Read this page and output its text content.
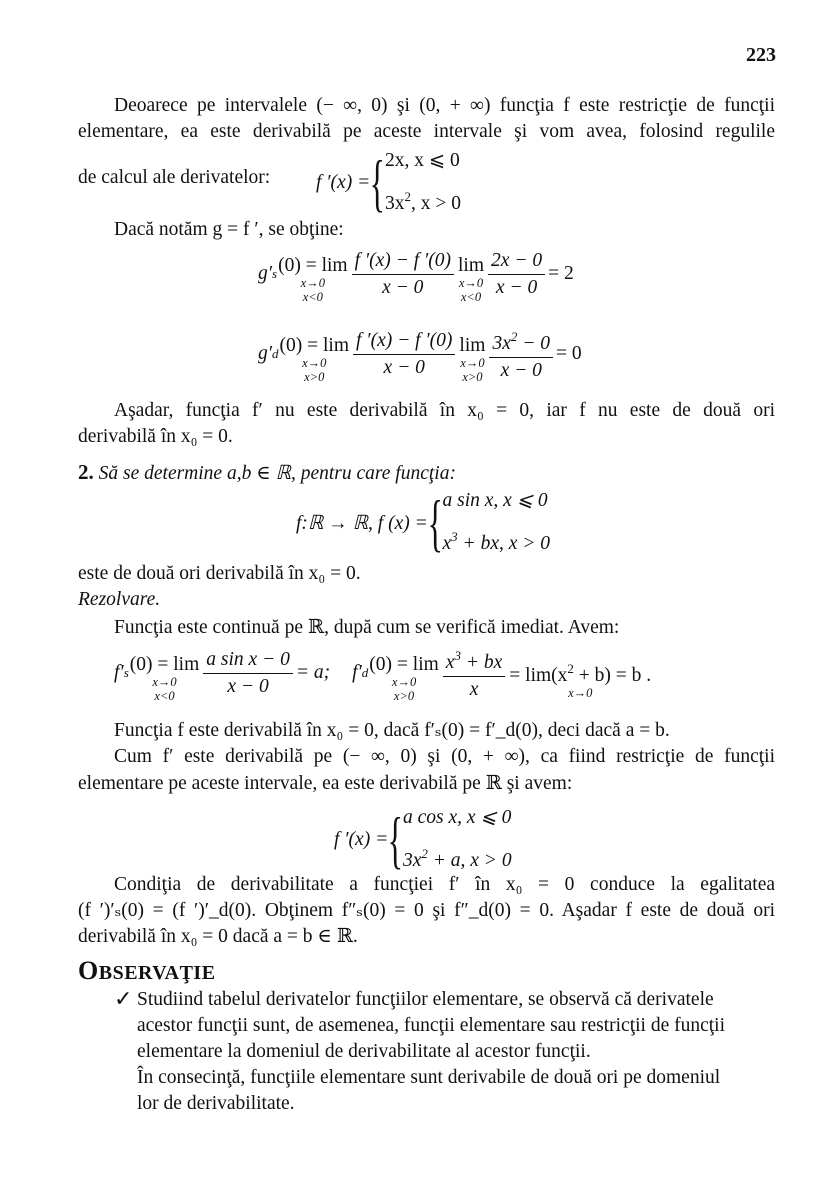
223
Deoarece pe intervalele (− ∞, 0) şi (0, + ∞) funcţia f este restricţie de funcţii
elementare, ea este derivabilă pe aceste intervale şi vom avea, folosind regulile
de calcul ale derivatelor:	f ′(x) = { 2x, x ⩽ 0
$3x^2$, x > 0
Dacă notăm g = f ′, se obţine:
g′ s (0) = lim
x→0
$x<0 \frac{f '(x) - f '(0)}{x - 0}$ lim
x→0
$x<0 \frac{2x - 0}{x - 0} = 2$
g′ d (0) = lim
x→0
$x>0 \frac{f '(x) - f '(0)}{x - 0}$ lim
x→0
$x>0 \frac{3x^2 - 0}{x - 0} = 0$
Aşadar, funcţia f′ nu este derivabilă în x₀ = 0, iar f nu este de două ori
derivabilă în x₀ = 0.
2. Să se determine a,b ∈ ℝ, pentru care funcţia:
f:ℝ → ℝ, f (x) = { a sin x, x ⩽ 0
$x^3$ + bx, x > 0
este de două ori derivabilă în x₀ = 0.
Rezolvare.
Funcţia este continuă pe ℝ, după cum se verifică imediat. Avem:
f′ s (0) = lim
x→0
$x<0 \frac{\text{a sin x − 0}}{x - 0} = a$; f′ d (0) = lim
x→0
$x>0 \frac{x^3 + bx}{x} = \lim(x^2 + b) = b$ .
x→0
Funcţia f este derivabilă în x₀ = 0, dacă f′ₛ(0) = f′_d(0), deci dacă a = b.
Cum f′ este derivabilă pe (− ∞, 0) şi (0, + ∞), ca fiind restricţie de funcţii
elementare pe aceste intervale, ea este derivabilă pe ℝ şi avem:
f ′(x) = { a cos x, x ⩽ 0
$3x^2 + a$, x > 0
Condiţia de derivabilitate a funcţiei f′ în x₀ = 0 conduce la egalitatea
(f ′)′ₛ(0) = (f ′)′_d(0). Obţinem f″ₛ(0) = 0 şi f″_d(0) = 0. Aşadar f este de două ori
derivabilă în x₀ = 0 dacă a = b ∈ ℝ.
OBSERVAŢIE
✓ Studiind tabelul derivatelor funcţiilor elementare, se observă că derivatele
acestor funcţii sunt, de asemenea, funcţii elementare sau restricţii de funcţii
elementare la domeniul de derivabilitate al acestor funcţii.
În consecinţă, funcţiile elementare sunt derivabile de două ori pe domeniul
lor de derivabilitate.
